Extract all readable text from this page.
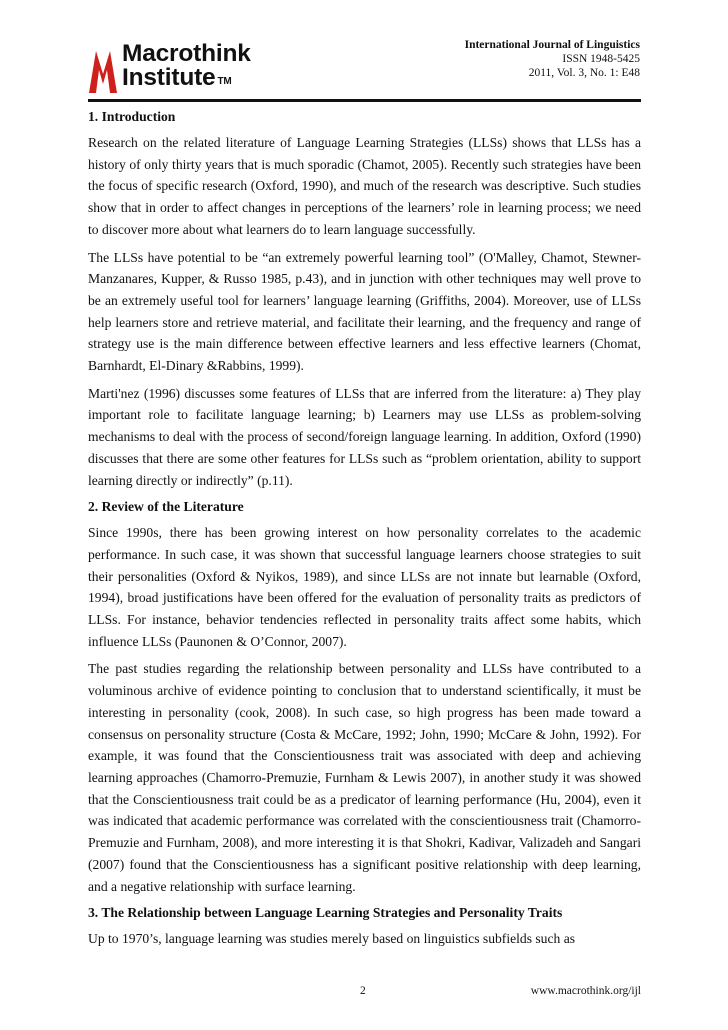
Macrothink
Institute ™
International Journal of Linguistics
ISSN 1948-5425
2011, Vol. 3, No. 1: E48
1. Introduction

Research on the related literature of Language Learning Strategies (LLSs) shows that LLSs has a history of only thirty years that is much sporadic (Chamot, 2005). Recently such strategies have been the focus of specific research (Oxford, 1990), and much of the research was descriptive. Such studies show that in order to affect changes in perceptions of the learners’ role in learning process; we need to discover more about what learners do to learn language successfully.

The LLSs have potential to be “an extremely powerful learning tool” (O'Malley, Chamot, Stewner-Manzanares, Kupper, & Russo 1985, p.43), and in junction with other techniques may well prove to be an extremely useful tool for learners’ language learning (Griffiths, 2004). Moreover, use of LLSs help learners store and retrieve material, and facilitate their learning, and the frequency and range of strategy use is the main difference between effective learners and less effective learners (Chomat, Barnhardt, El-Dinary &Rabbins, 1999).

Marti'nez (1996) discusses some features of LLSs that are inferred from the literature: a) They play important role to facilitate language learning; b) Learners may use LLSs as problem-solving mechanisms to deal with the process of second/foreign language learning. In addition, Oxford (1990) discusses that there are some other features for LLSs such as “problem orientation, ability to support learning directly or indirectly” (p.11).

2. Review of the Literature

Since 1990s, there has been growing interest on how personality correlates to the academic performance. In such case, it was shown that successful language learners choose strategies to suit their personalities (Oxford & Nyikos, 1989), and since LLSs are not innate but learnable (Oxford, 1994), broad justifications have been offered for the evaluation of personality traits as predictors of LLSs. For instance, behavior tendencies reflected in personality traits affect some habits, which influence LLSs (Paunonen & O’Connor, 2007).

The past studies regarding the relationship between personality and LLSs have contributed to a voluminous archive of evidence pointing to conclusion that to understand scientifically, it must be interesting in personality (cook, 2008). In such case, so high progress has been made toward a consensus on personality structure (Costa & McCare, 1992; John, 1990; McCare & John, 1992). For example, it was found that the Conscientiousness trait was associated with deep and achieving learning approaches (Chamorro-Premuzie, Furnham & Lewis 2007), in another study it was showed that the Conscientiousness trait could be as a predicator of learning performance (Hu, 2004), even it was indicated that academic performance was correlated with the conscientiousness trait (Chamorro-Premuzie and Furnham, 2008), and more interesting it is that Shokri, Kadivar, Valizadeh and Sangari (2007) found that the Conscientiousness has a significant positive relationship with deep learning, and a negative relationship with surface learning.

3. The Relationship between Language Learning Strategies and Personality Traits

Up to 1970’s, language learning was studies merely based on linguistics subfields such as

2	www.macrothink.org/ijl
